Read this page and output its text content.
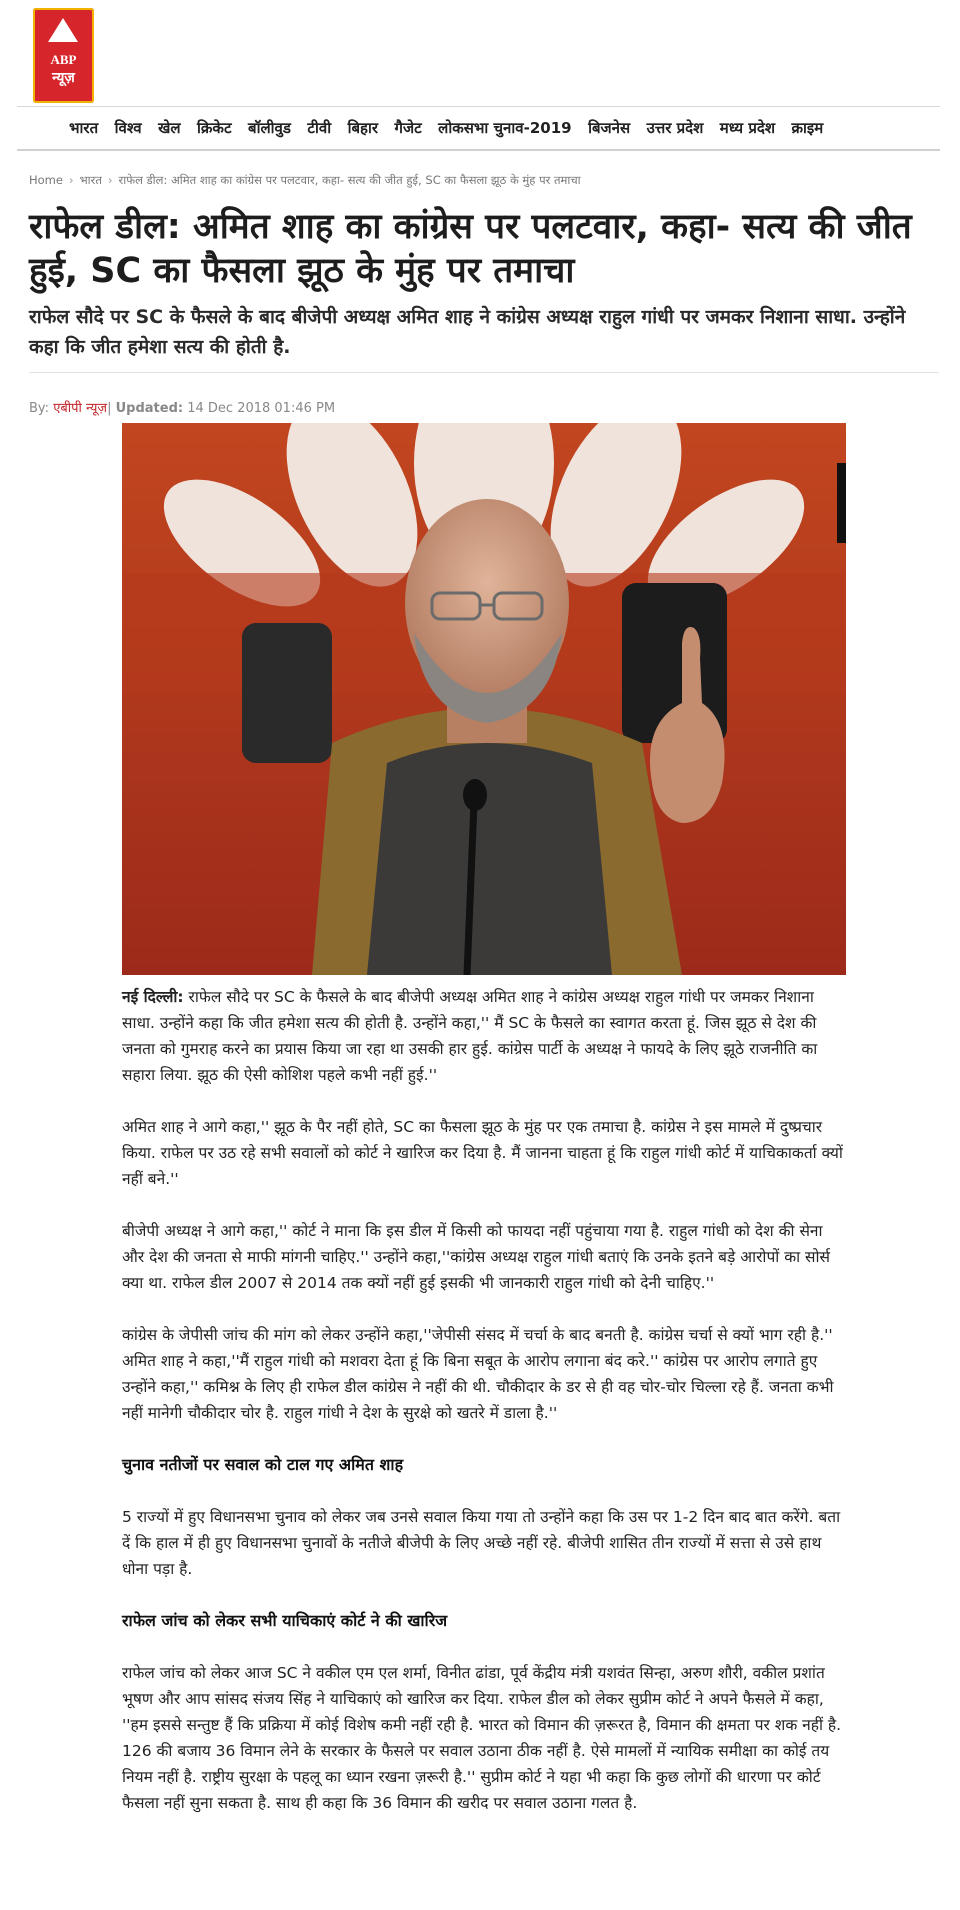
ABP
न्यूज़
भारत विश्व खेल क्रिकेट बॉलीवुड टीवी बिहार गैजेट लोकसभा चुनाव-2019 बिजनेस उत्तर प्रदेश मध्य प्रदेश क्राइम
Home › भारत › राफेल डील: अमित शाह का कांग्रेस पर पलटवार, कहा- सत्य की जीत हुई, SC का फैसला झूठ के मुंह पर तमाचा
राफेल डील: अमित शाह का कांग्रेस पर पलटवार, कहा- सत्य की जीत हुई, SC का फैसला झूठ के मुंह पर तमाचा
राफेल सौदे पर SC के फैसले के बाद बीजेपी अध्यक्ष अमित शाह ने कांग्रेस अध्यक्ष राहुल गांधी पर जमकर निशाना साधा. उन्होंने कहा कि जीत हमेशा सत्य की होती है.
By: एबीपी न्यूज़| Updated: 14 Dec 2018 01:46 PM

नई दिल्ली: राफेल सौदे पर SC के फैसले के बाद बीजेपी अध्यक्ष अमित शाह ने कांग्रेस अध्यक्ष राहुल गांधी पर जमकर निशाना साधा. उन्होंने कहा कि जीत हमेशा सत्य की होती है. उन्होंने कहा,'' मैं SC के फैसले का स्वागत करता हूं. जिस झूठ से देश की जनता को गुमराह करने का प्रयास किया जा रहा था उसकी हार हुई. कांग्रेस पार्टी के अध्यक्ष ने फायदे के लिए झूठे राजनीति का सहारा लिया. झूठ की ऐसी कोशिश पहले कभी नहीं हुई.''

अमित शाह ने आगे कहा,'' झूठ के पैर नहीं होते, SC का फैसला झूठ के मुंह पर एक तमाचा है. कांग्रेस ने इस मामले में दुष्प्रचार किया. राफेल पर उठ रहे सभी सवालों को कोर्ट ने खारिज कर दिया है. मैं जानना चाहता हूं कि राहुल गांधी कोर्ट में याचिकाकर्ता क्यों नहीं बने.''

बीजेपी अध्यक्ष ने आगे कहा,'' कोर्ट ने माना कि इस डील में किसी को फायदा नहीं पहुंचाया गया है. राहुल गांधी को देश की सेना और देश की जनता से माफी मांगनी चाहिए.'' उन्होंने कहा,''कांग्रेस अध्यक्ष राहुल गांधी बताएं कि उनके इतने बड़े आरोपों का सोर्स क्या था. राफेल डील 2007 से 2014 तक क्यों नहीं हुई इसकी भी जानकारी राहुल गांधी को देनी चाहिए.''

कांग्रेस के जेपीसी जांच की मांग को लेकर उन्होंने कहा,''जेपीसी संसद में चर्चा के बाद बनती है. कांग्रेस चर्चा से क्यों भाग रही है.'' अमित शाह ने कहा,''मैं राहुल गांधी को मशवरा देता हूं कि बिना सबूत के आरोप लगाना बंद करे.'' कांग्रेस पर आरोप लगाते हुए उन्होंने कहा,'' कमिश्न के लिए ही राफेल डील कांग्रेस ने नहीं की थी. चौकीदार के डर से ही वह चोर-चोर चिल्ला रहे हैं. जनता कभी नहीं मानेगी चौकीदार चोर है. राहुल गांधी ने देश के सुरक्षे को खतरे में डाला है.''

चुनाव नतीजों पर सवाल को टाल गए अमित शाह

5 राज्यों में हुए विधानसभा चुनाव को लेकर जब उनसे सवाल किया गया तो उन्होंने कहा कि उस पर 1-2 दिन बाद बात करेंगे. बता दें कि हाल में ही हुए विधानसभा चुनावों के नतीजे बीजेपी के लिए अच्छे नहीं रहे. बीजेपी शासित तीन राज्यों में सत्ता से उसे हाथ धोना पड़ा है.

राफेल जांच को लेकर सभी याचिकाएं कोर्ट ने की खारिज

राफेल जांच को लेकर आज SC ने वकील एम एल शर्मा, विनीत ढांडा, पूर्व केंद्रीय मंत्री यशवंत सिन्हा, अरुण शौरी, वकील प्रशांत भूषण और आप सांसद संजय सिंह ने याचिकाएं को खारिज कर दिया. राफेल डील को लेकर सुप्रीम कोर्ट ने अपने फैसले में कहा, ''हम इससे सन्तुष्ट हैं कि प्रक्रिया में कोई विशेष कमी नहीं रही है. भारत को विमान की ज़रूरत है, विमान की क्षमता पर शक नहीं है. 126 की बजाय 36 विमान लेने के सरकार के फैसले पर सवाल उठाना ठीक नहीं है. ऐसे मामलों में न्यायिक समीक्षा का कोई तय नियम नहीं है. राष्ट्रीय सुरक्षा के पहलू का ध्यान रखना ज़रूरी है.'' सुप्रीम कोर्ट ने यहा भी कहा कि कुछ लोगों की धारणा पर कोर्ट फैसला नहीं सुना सकता है. साथ ही कहा कि 36 विमान की खरीद पर सवाल उठाना गलत है.
